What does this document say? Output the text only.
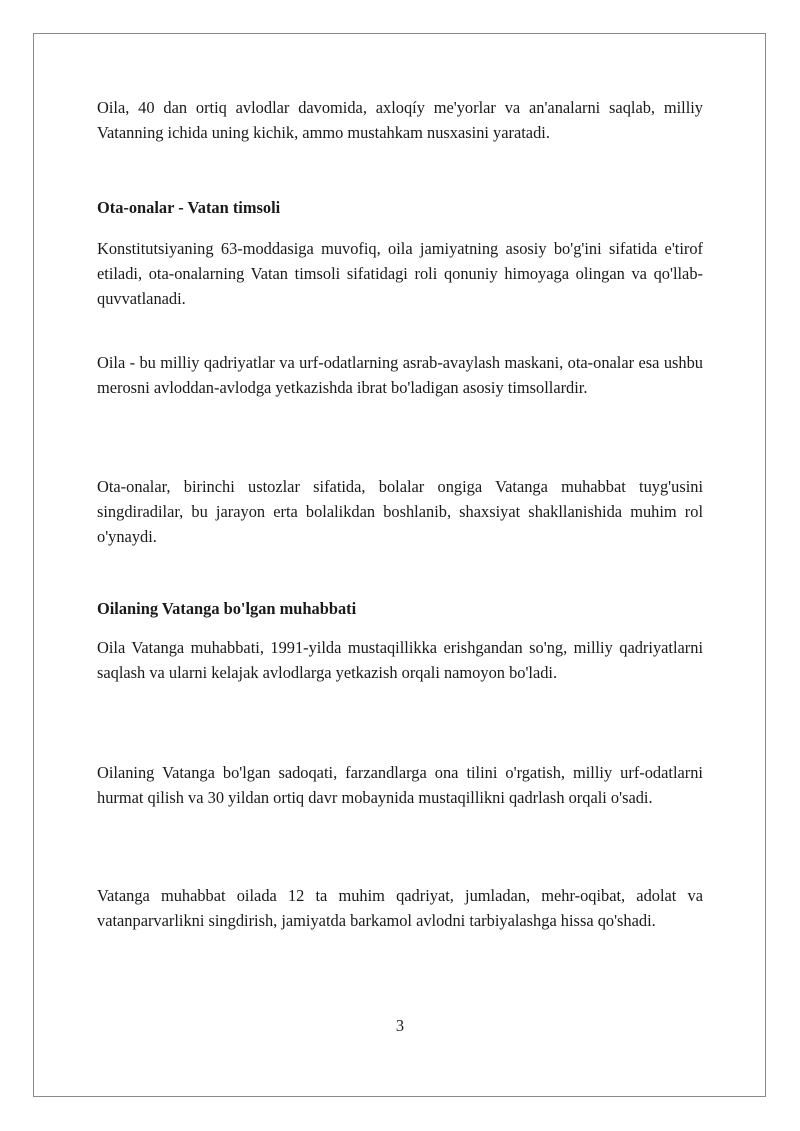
Oila, 40 dan ortiq avlodlar davomida, axloqíy me'yorlar va an'analarni saqlab, milliy Vatanning ichida uning kichik, ammo mustahkam nusxasini yaratadi.

Ota-onalar - Vatan timsoli

Konstitutsiyaning 63-moddasiga muvofiq, oila jamiyatning asosiy bo'g'ini sifatida e'tirof etiladi, ota-onalarning Vatan timsoli sifatidagi roli qonuniy himoyaga olingan va qo'llab-quvvatlanadi.

Oila - bu milliy qadriyatlar va urf-odatlarning asrab-avaylash maskani, ota-onalar esa ushbu merosni avloddan-avlodga yetkazishda ibrat bo'ladigan asosiy timsollardir.

Ota-onalar, birinchi ustozlar sifatida, bolalar ongiga Vatanga muhabbat tuyg'usini singdiradilar, bu jarayon erta bolalikdan boshlanib, shaxsiyat shakllanishida muhim rol o'ynaydi.

Oilaning Vatanga bo'lgan muhabbati

Oila Vatanga muhabbati, 1991-yilda mustaqillikka erishgandan so'ng, milliy qadriyatlarni saqlash va ularni kelajak avlodlarga yetkazish orqali namoyon bo'ladi.

Oilaning Vatanga bo'lgan sadoqati, farzandlarga ona tilini o'rgatish, milliy urf-odatlarni hurmat qilish va 30 yildan ortiq davr mobaynida mustaqillikni qadrlash orqali o'sadi.

Vatanga muhabbat oilada 12 ta muhim qadriyat, jumladan, mehr-oqibat, adolat va vatanparvarlikni singdirish, jamiyatda barkamol avlodni tarbiyalashga hissa qo'shadi.

3
